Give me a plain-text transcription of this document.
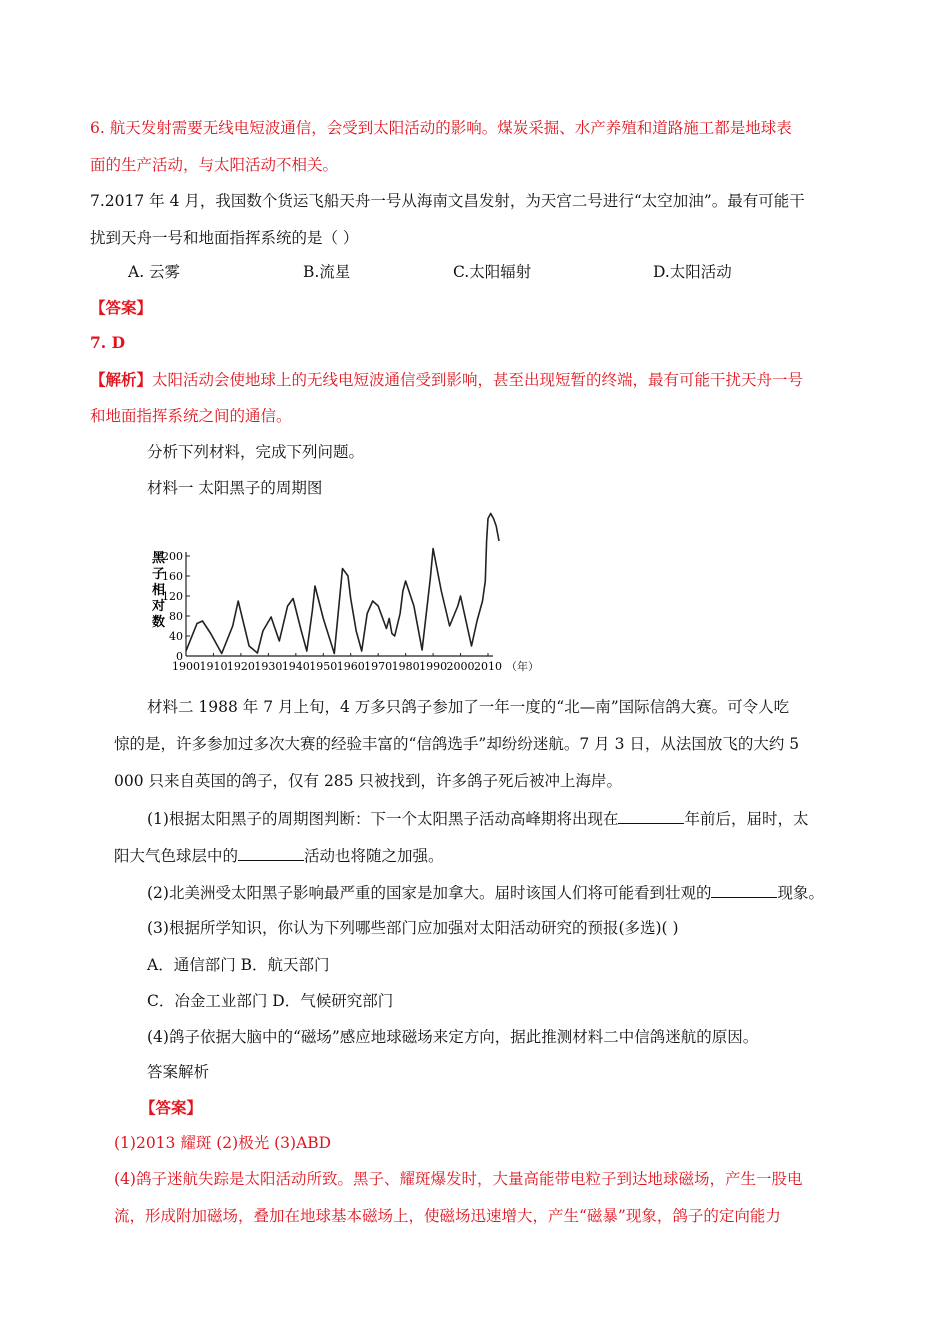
6. 航天发射需要无线电短波通信，会受到太阳活动的影响。煤炭采掘、水产养殖和道路施工都是地球表
面的生产活动，与太阳活动不相关。
7.2017 年 4 月，我国数个货运飞船天舟一号从海南文昌发射，为天宫二号进行“太空加油”。最有可能干
扰到天舟一号和地面指挥系统的是（ ）
A. 云雾	B.流星	C.太阳辐射	D.太阳活动
【答案】
7. D
【解析】太阳活动会使地球上的无线电短波通信受到影响，甚至出现短暂的终端，最有可能干扰天舟一号
和地面指挥系统之间的通信。
分析下列材料，完成下列问题。
材料一 太阳黑子的周期图
黑
子
相
对
数
200
160
120
80
40
0
1900 1910 1920 1930 1940 1950 1960 1970 1980 1990 2000 2010 （年）
材料二 1988 年 7 月上旬，4 万多只鸽子参加了一年一度的“北—南”国际信鸽大赛。可令人吃
惊的是，许多参加过多次大赛的经验丰富的“信鸽选手”却纷纷迷航。7 月 3 日，从法国放飞的大约 5
000 只来自英国的鸽子，仅有 285 只被找到，许多鸽子死后被冲上海岸。
(1)根据太阳黑子的周期图判断：下一个太阳黑子活动高峰期将出现在	年前后，届时，太
阳大气色球层中的	活动也将随之加强。
(2)北美洲受太阳黑子影响最严重的国家是加拿大。届时该国人们将可能看到壮观的	现象。
(3)根据所学知识，你认为下列哪些部门应加强对太阳活动研究的预报(多选)( )
A．通信部门 B．航天部门
C．冶金工业部门 D．气候研究部门
(4)鸽子依据大脑中的“磁场”感应地球磁场来定方向，据此推测材料二中信鸽迷航的原因。
答案解析
【答案】
(1)2013 耀斑 (2)极光 (3)ABD
(4)鸽子迷航失踪是太阳活动所致。黑子、耀斑爆发时，大量高能带电粒子到达地球磁场，产生一股电
流，形成附加磁场，叠加在地球基本磁场上，使磁场迅速增大，产生“磁暴”现象，鸽子的定向能力
